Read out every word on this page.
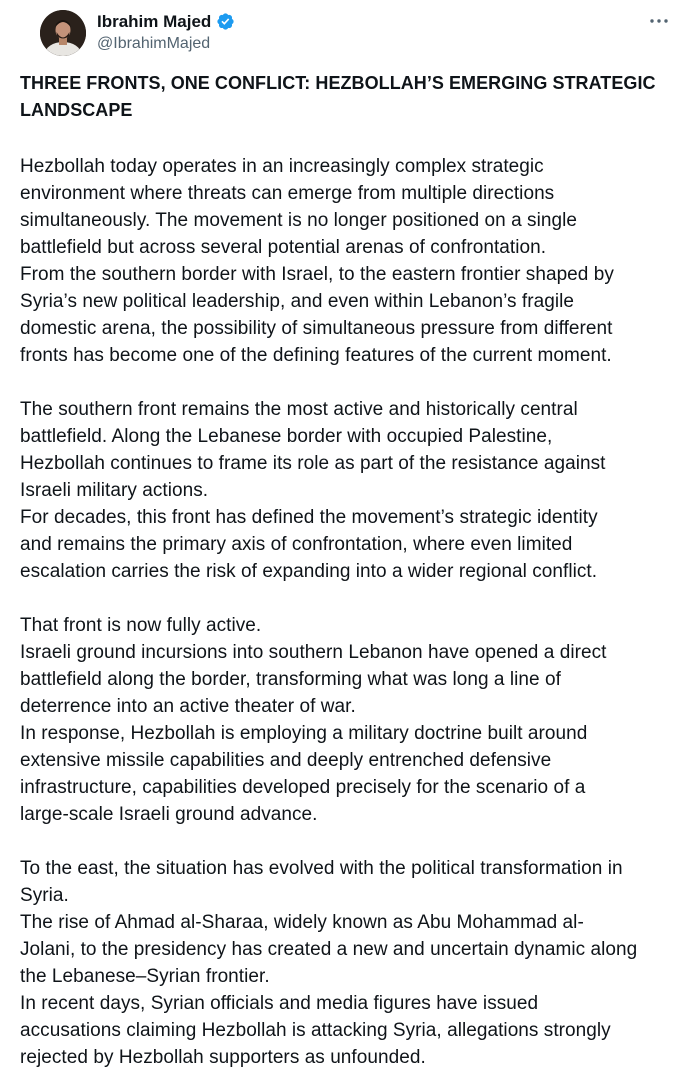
Ibrahim Majed
@IbrahimMajed

THREE FRONTS, ONE CONFLICT: HEZBOLLAH’S EMERGING STRATEGIC LANDSCAPE

Hezbollah today operates in an increasingly complex strategic
environment where threats can emerge from multiple directions
simultaneously. The movement is no longer positioned on a single
battlefield but across several potential arenas of confrontation.
From the southern border with Israel, to the eastern frontier shaped by
Syria’s new political leadership, and even within Lebanon’s fragile
domestic arena, the possibility of simultaneous pressure from different
fronts has become one of the defining features of the current moment.

The southern front remains the most active and historically central
battlefield. Along the Lebanese border with occupied Palestine,
Hezbollah continues to frame its role as part of the resistance against
Israeli military actions.
For decades, this front has defined the movement’s strategic identity
and remains the primary axis of confrontation, where even limited
escalation carries the risk of expanding into a wider regional conflict.

That front is now fully active.
Israeli ground incursions into southern Lebanon have opened a direct
battlefield along the border, transforming what was long a line of
deterrence into an active theater of war.
In response, Hezbollah is employing a military doctrine built around
extensive missile capabilities and deeply entrenched defensive
infrastructure, capabilities developed precisely for the scenario of a
large-scale Israeli ground advance.

To the east, the situation has evolved with the political transformation in
Syria.
The rise of Ahmad al-Sharaa, widely known as Abu Mohammad al-
Jolani, to the presidency has created a new and uncertain dynamic along
the Lebanese–Syrian frontier.
In recent days, Syrian officials and media figures have issued
accusations claiming Hezbollah is attacking Syria, allegations strongly
rejected by Hezbollah supporters as unfounded.
